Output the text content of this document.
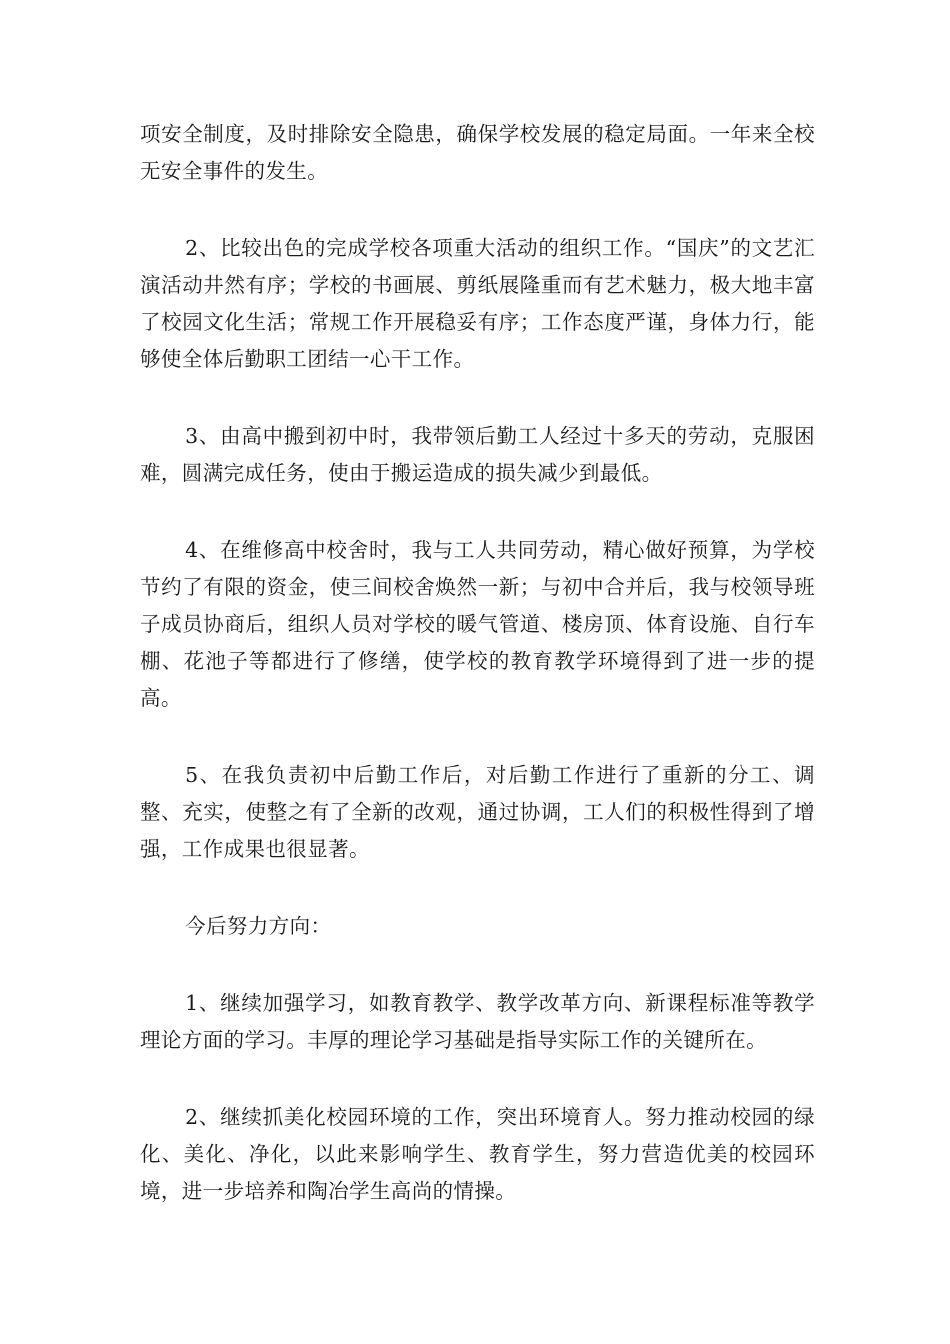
项安全制度，及时排除安全隐患，确保学校发展的稳定局面。一年来全校无安全事件的发生。

2、比较出色的完成学校各项重大活动的组织工作。“国庆”的文艺汇演活动井然有序；学校的书画展、剪纸展隆重而有艺术魅力，极大地丰富了校园文化生活；常规工作开展稳妥有序；工作态度严谨，身体力行，能够使全体后勤职工团结一心干工作。

3、由高中搬到初中时，我带领后勤工人经过十多天的劳动，克服困难，圆满完成任务，使由于搬运造成的损失减少到最低。

4、在维修高中校舍时，我与工人共同劳动，精心做好预算，为学校节约了有限的资金，使三间校舍焕然一新；与初中合并后，我与校领导班子成员协商后，组织人员对学校的暖气管道、楼房顶、体育设施、自行车棚、花池子等都进行了修缮，使学校的教育教学环境得到了进一步的提高。

5、在我负责初中后勤工作后，对后勤工作进行了重新的分工、调整、充实，使整之有了全新的改观，通过协调，工人们的积极性得到了增强，工作成果也很显著。

今后努力方向：

1、继续加强学习，如教育教学、教学改革方向、新课程标准等教学理论方面的学习。丰厚的理论学习基础是指导实际工作的关键所在。

2、继续抓美化校园环境的工作，突出环境育人。努力推动校园的绿化、美化、净化，以此来影响学生、教育学生，努力营造优美的校园环境，进一步培养和陶冶学生高尚的情操。
